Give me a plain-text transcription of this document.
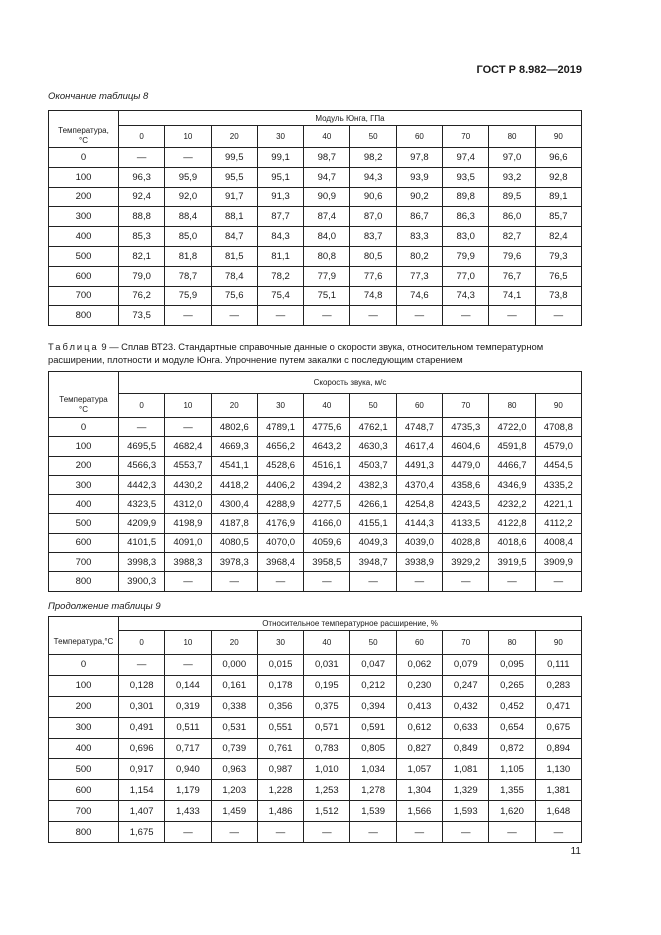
ГОСТ Р 8.982—2019
Окончание таблицы 8
	Модуль Юнга, ГПа									
Температура,
°С	0	10	20	30	40	50	60	70	80	90
0	—	—	99,5	99,1	98,7	98,2	97,8	97,4	97,0	96,6
100	96,3	95,9	95,5	95,1	94,7	94,3	93,9	93,5	93,2	92,8
200	92,4	92,0	91,7	91,3	90,9	90,6	90,2	89,8	89,5	89,1
300	88,8	88,4	88,1	87,7	87,4	87,0	86,7	86,3	86,0	85,7
400	85,3	85,0	84,7	84,3	84,0	83,7	83,3	83,0	82,7	82,4
500	82,1	81,8	81,5	81,1	80,8	80,5	80,2	79,9	79,6	79,3
600	79,0	78,7	78,4	78,2	77,9	77,6	77,3	77,0	76,7	76,5
700	76,2	75,9	75,6	75,4	75,1	74,8	74,6	74,3	74,1	73,8
800	73,5	—	—	—	—	—	—	—	—	—
Таблица 9 — Сплав ВТ23. Стандартные справочные данные о скорости звука, относительном температурном расширении, плотности и модуле Юнга. Упрочнение путем закалки с последующим старением
	Скорость звука, м/с									
Температура
°С	0	10	20	30	40	50	60	70	80	90
0	—	—	4802,6	4789,1	4775,6	4762,1	4748,7	4735,3	4722,0	4708,8
100	4695,5	4682,4	4669,3	4656,2	4643,2	4630,3	4617,4	4604,6	4591,8	4579,0
200	4566,3	4553,7	4541,1	4528,6	4516,1	4503,7	4491,3	4479,0	4466,7	4454,5
300	4442,3	4430,2	4418,2	4406,2	4394,2	4382,3	4370,4	4358,6	4346,9	4335,2
400	4323,5	4312,0	4300,4	4288,9	4277,5	4266,1	4254,8	4243,5	4232,2	4221,1
500	4209,9	4198,9	4187,8	4176,9	4166,0	4155,1	4144,3	4133,5	4122,8	4112,2
600	4101,5	4091,0	4080,5	4070,0	4059,6	4049,3	4039,0	4028,8	4018,6	4008,4
700	3998,3	3988,3	3978,3	3968,4	3958,5	3948,7	3938,9	3929,2	3919,5	3909,9
800	3900,3	—	—	—	—	—	—	—	—	—
Продолжение таблицы 9
	Относительное температурное расширение, %									
Температура,°С	0	10	20	30	40	50	60	70	80	90
0	—	—	0,000	0,015	0,031	0,047	0,062	0,079	0,095	0,111
100	0,128	0,144	0,161	0,178	0,195	0,212	0,230	0,247	0,265	0,283
200	0,301	0,319	0,338	0,356	0,375	0,394	0,413	0,432	0,452	0,471
300	0,491	0,511	0,531	0,551	0,571	0,591	0,612	0,633	0,654	0,675
400	0,696	0,717	0,739	0,761	0,783	0,805	0,827	0,849	0,872	0,894
500	0,917	0,940	0,963	0,987	1,010	1,034	1,057	1,081	1,105	1,130
600	1,154	1,179	1,203	1,228	1,253	1,278	1,304	1,329	1,355	1,381
700	1,407	1,433	1,459	1,486	1,512	1,539	1,566	1,593	1,620	1,648
800	1,675	—	—	—	—	—	—	—	—	—
11
